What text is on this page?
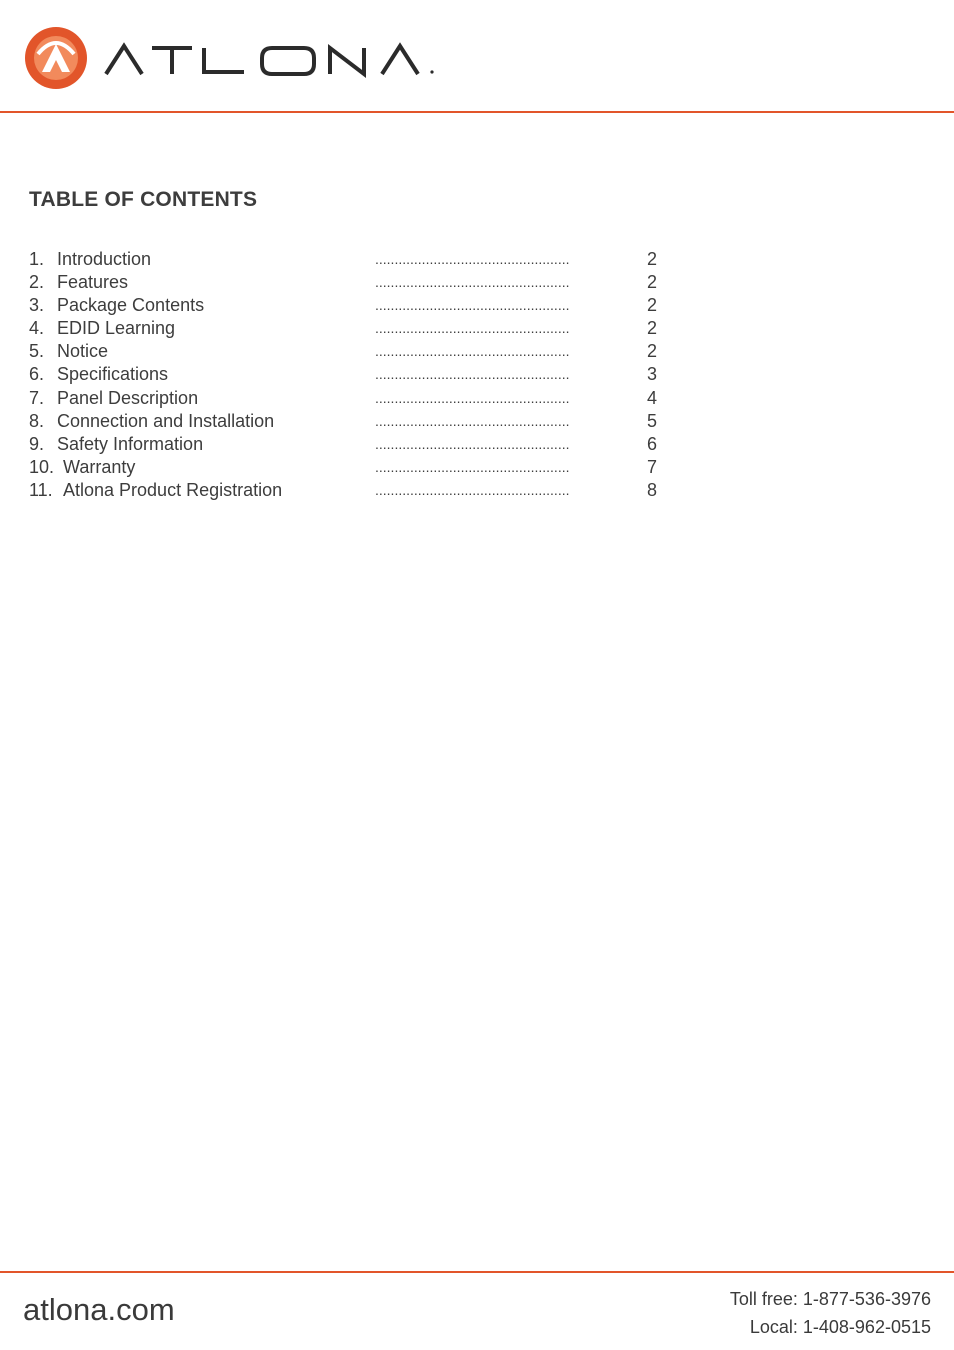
TABLE OF CONTENTS
1. Introduction	..................................................	2
2. Features	..................................................	2
3. Package Contents	..................................................	2
4. EDID Learning	..................................................	2
5. Notice	..................................................	2
6. Specifications	..................................................	3
7. Panel Description	..................................................	4
8. Connection and Installation	..................................................	5
9. Safety Information	..................................................	6
10. Warranty	..................................................	7
11. Atlona Product Registration	..................................................	8
atlona.com	Toll free: 1-877-536-3976
Local: 1-408-962-0515
